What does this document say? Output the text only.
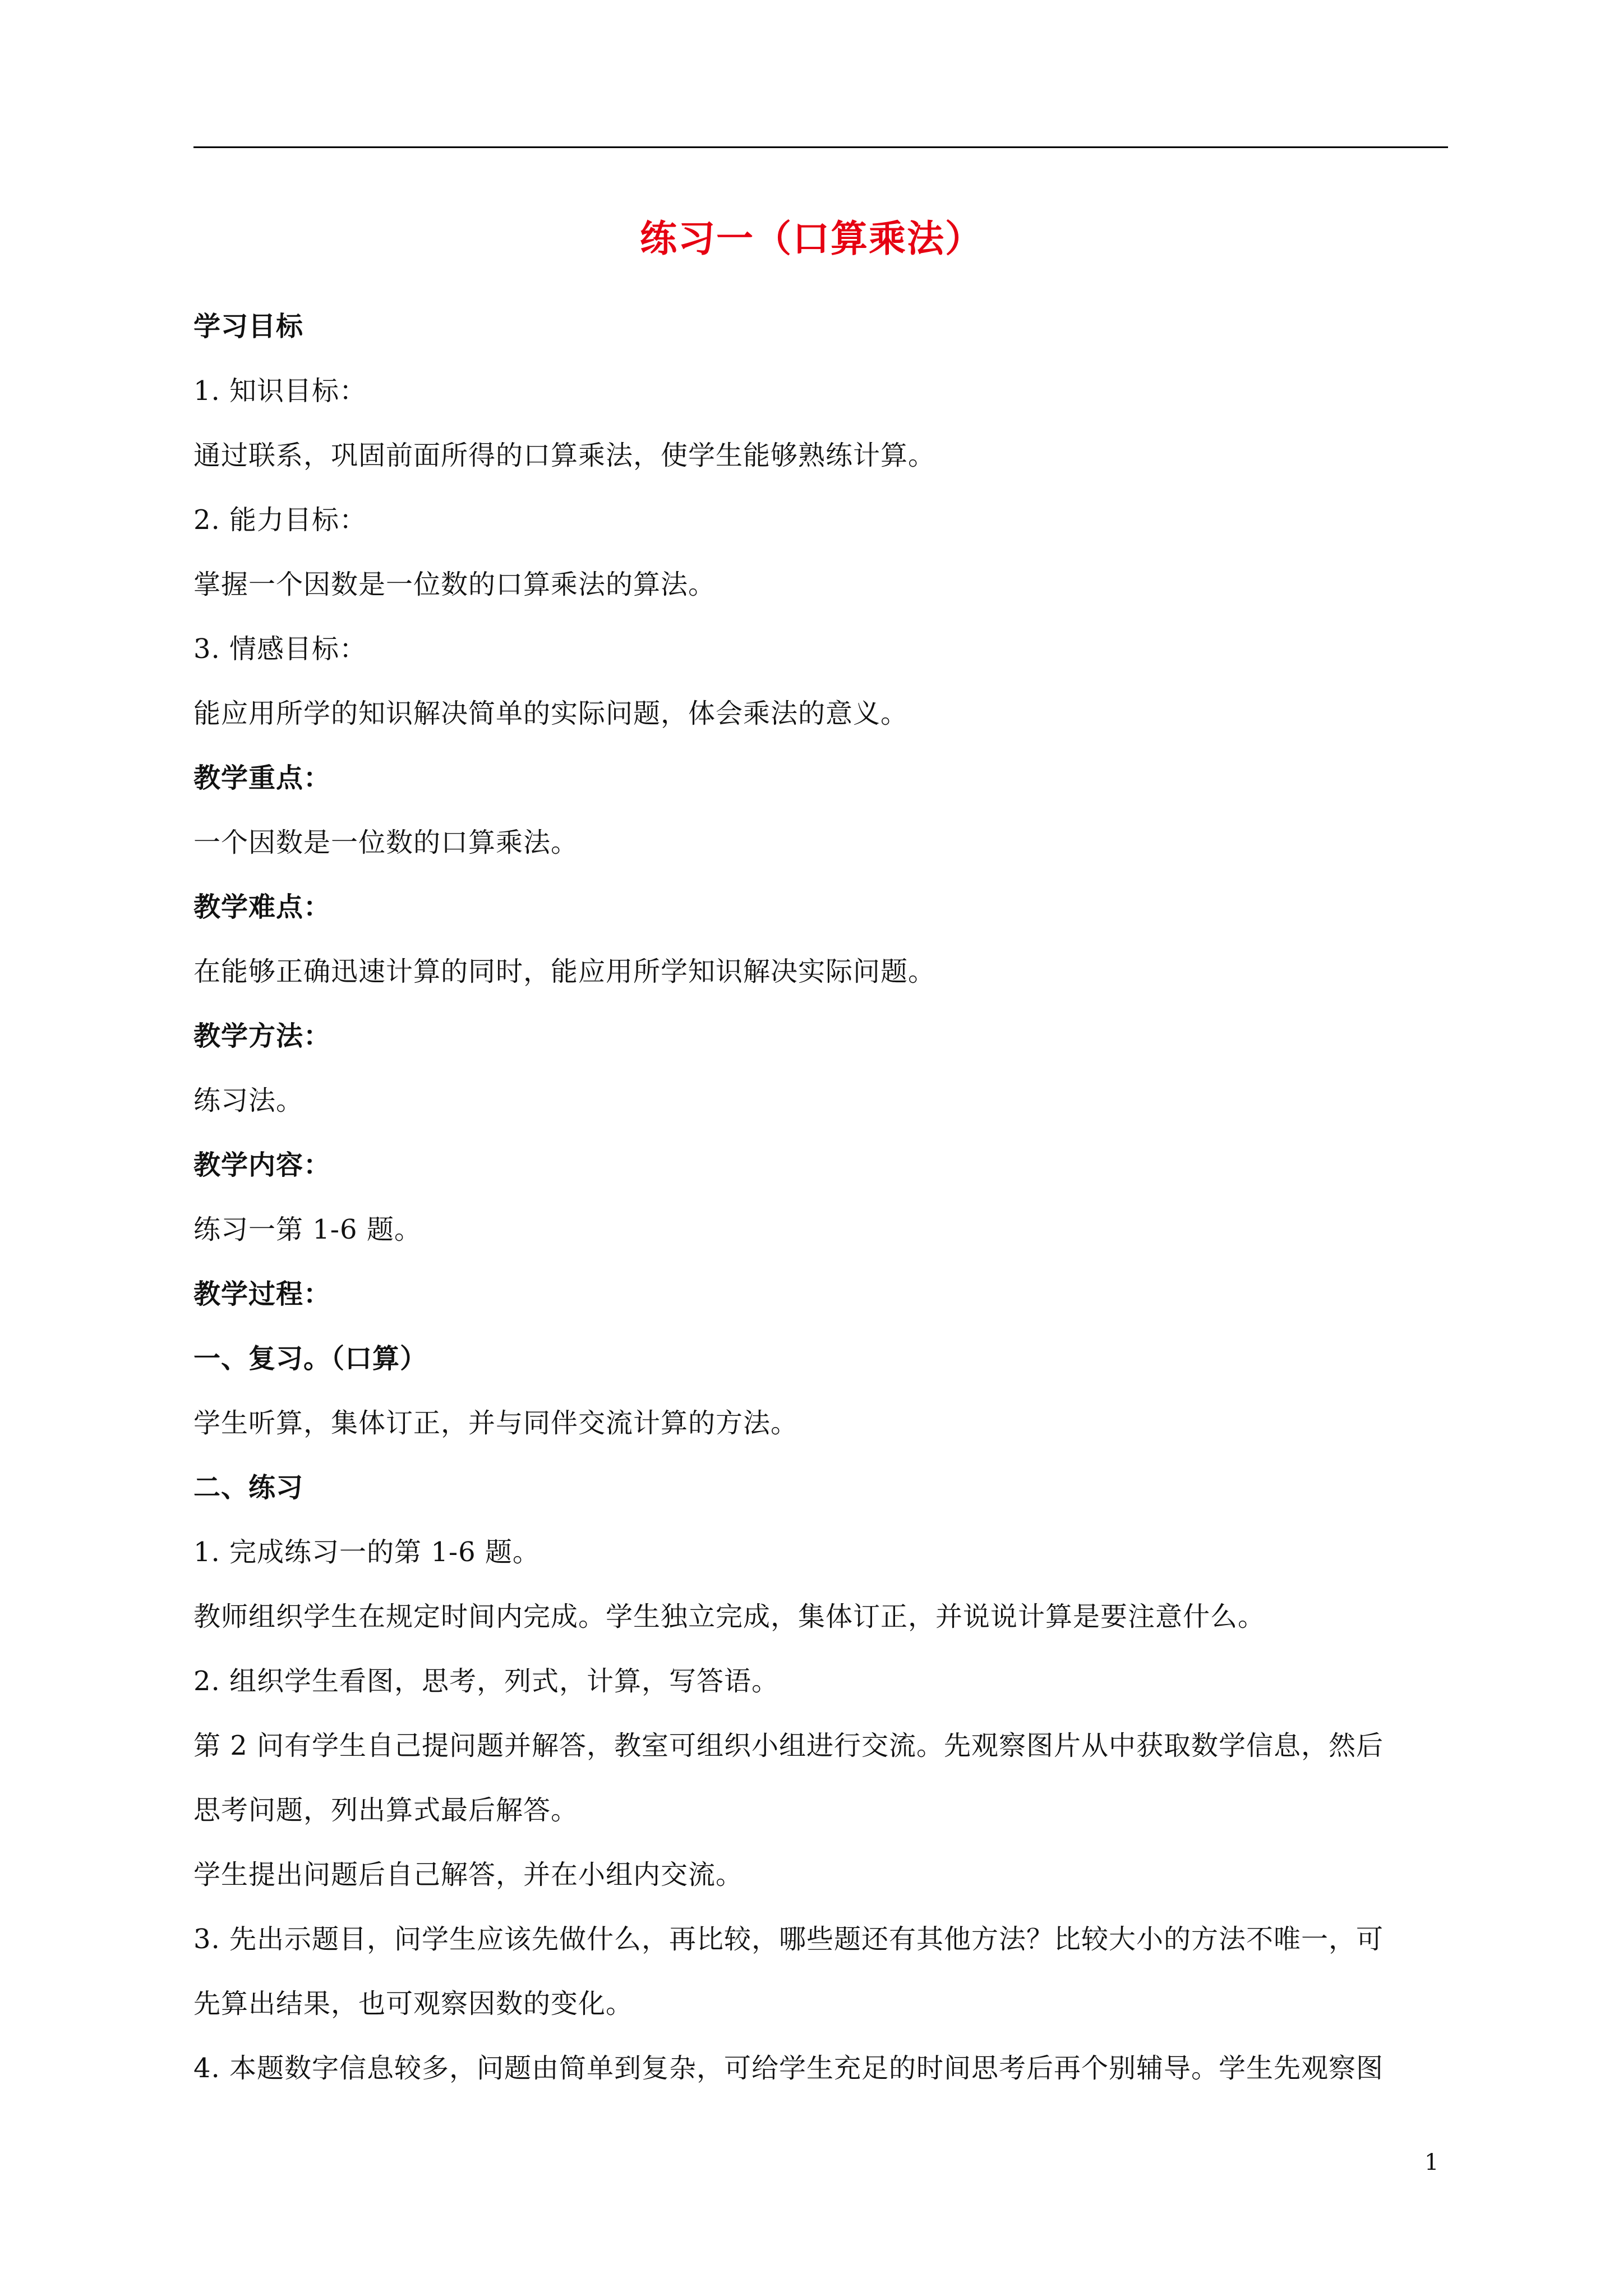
练习一（口算乘法）
学习目标
1. 知识目标：
通过联系，巩固前面所得的口算乘法，使学生能够熟练计算。
2. 能力目标：
掌握一个因数是一位数的口算乘法的算法。
3. 情感目标：
能应用所学的知识解决简单的实际问题，体会乘法的意义。
教学重点：
一个因数是一位数的口算乘法。
教学难点：
在能够正确迅速计算的同时，能应用所学知识解决实际问题。
教学方法：
练习法。
教学内容：
练习一第 1-6 题。
教学过程：
一、复习。（口算）
学生听算，集体订正，并与同伴交流计算的方法。
二、练习
1. 完成练习一的第 1-6 题。
教师组织学生在规定时间内完成。学生独立完成，集体订正，并说说计算是要注意什么。
2. 组织学生看图，思考，列式，计算，写答语。
第 2 问有学生自己提问题并解答，教室可组织小组进行交流。先观察图片从中获取数学信息，然后
思考问题，列出算式最后解答。
学生提出问题后自己解答，并在小组内交流。
3. 先出示题目，问学生应该先做什么，再比较，哪些题还有其他方法？比较大小的方法不唯一，可
先算出结果，也可观察因数的变化。
4. 本题数字信息较多，问题由简单到复杂，可给学生充足的时间思考后再个别辅导。学生先观察图
1
